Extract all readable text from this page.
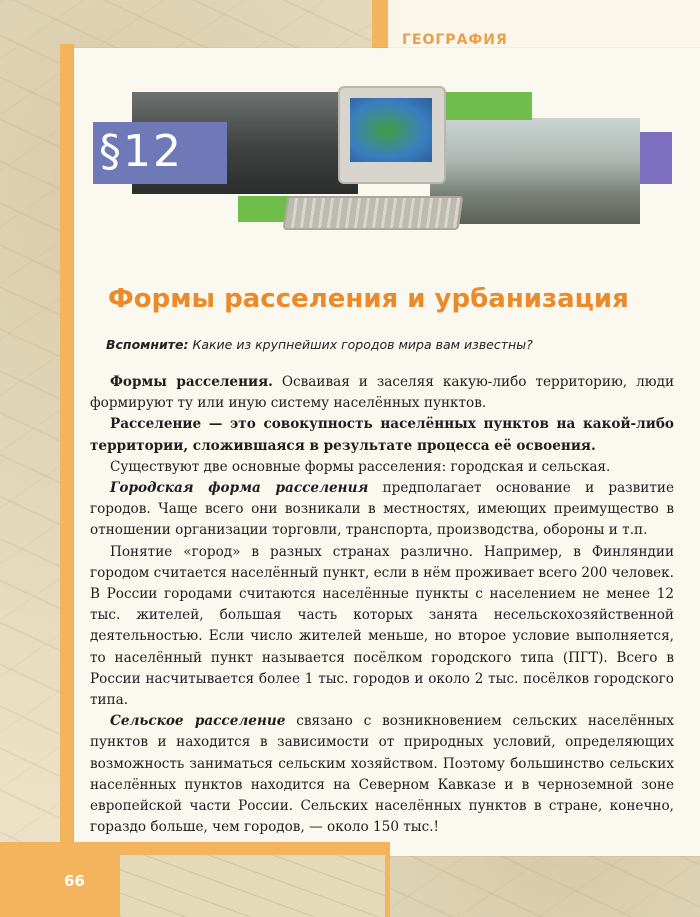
ГЕОГРАФИЯ
§12
Формы расселения и урбанизация
Вспомните: Какие из крупнейших городов мира вам известны?

Формы расселения. Осваивая и заселяя какую-либо территорию, люди формируют ту или иную систему населённых пунктов.

Расселение — это совокупность населённых пунктов на какой-либо территории, сложившаяся в результате процесса её освоения.

Существуют две основные формы расселения: городская и сельская.

Городская форма расселения предполагает основание и развитие городов. Чаще всего они возникали в местностях, имеющих преимущество в отношении организации торговли, транспорта, производства, обороны и т.п.

Понятие «город» в разных странах различно. Например, в Финляндии городом считается населённый пункт, если в нём проживает всего 200 человек. В России городами считаются населённые пункты с населением не менее 12 тыс. жителей, большая часть которых занята несельскохозяйственной деятельностью. Если число жителей меньше, но второе условие выполняется, то населённый пункт называется посёлком городского типа (ПГТ). Всего в России насчитывается более 1 тыс. городов и около 2 тыс. посёлков городского типа.

Сельское расселение связано с возникновением сельских населённых пунктов и находится в зависимости от природных условий, определяющих возможность заниматься сельским хозяйством. Поэтому большинство сельских населённых пунктов находится на Северном Кавказе и в черноземной зоне европейской части России. Сельских населённых пунктов в стране, конечно, гораздо больше, чем городов, — около 150 тыс.!

66
